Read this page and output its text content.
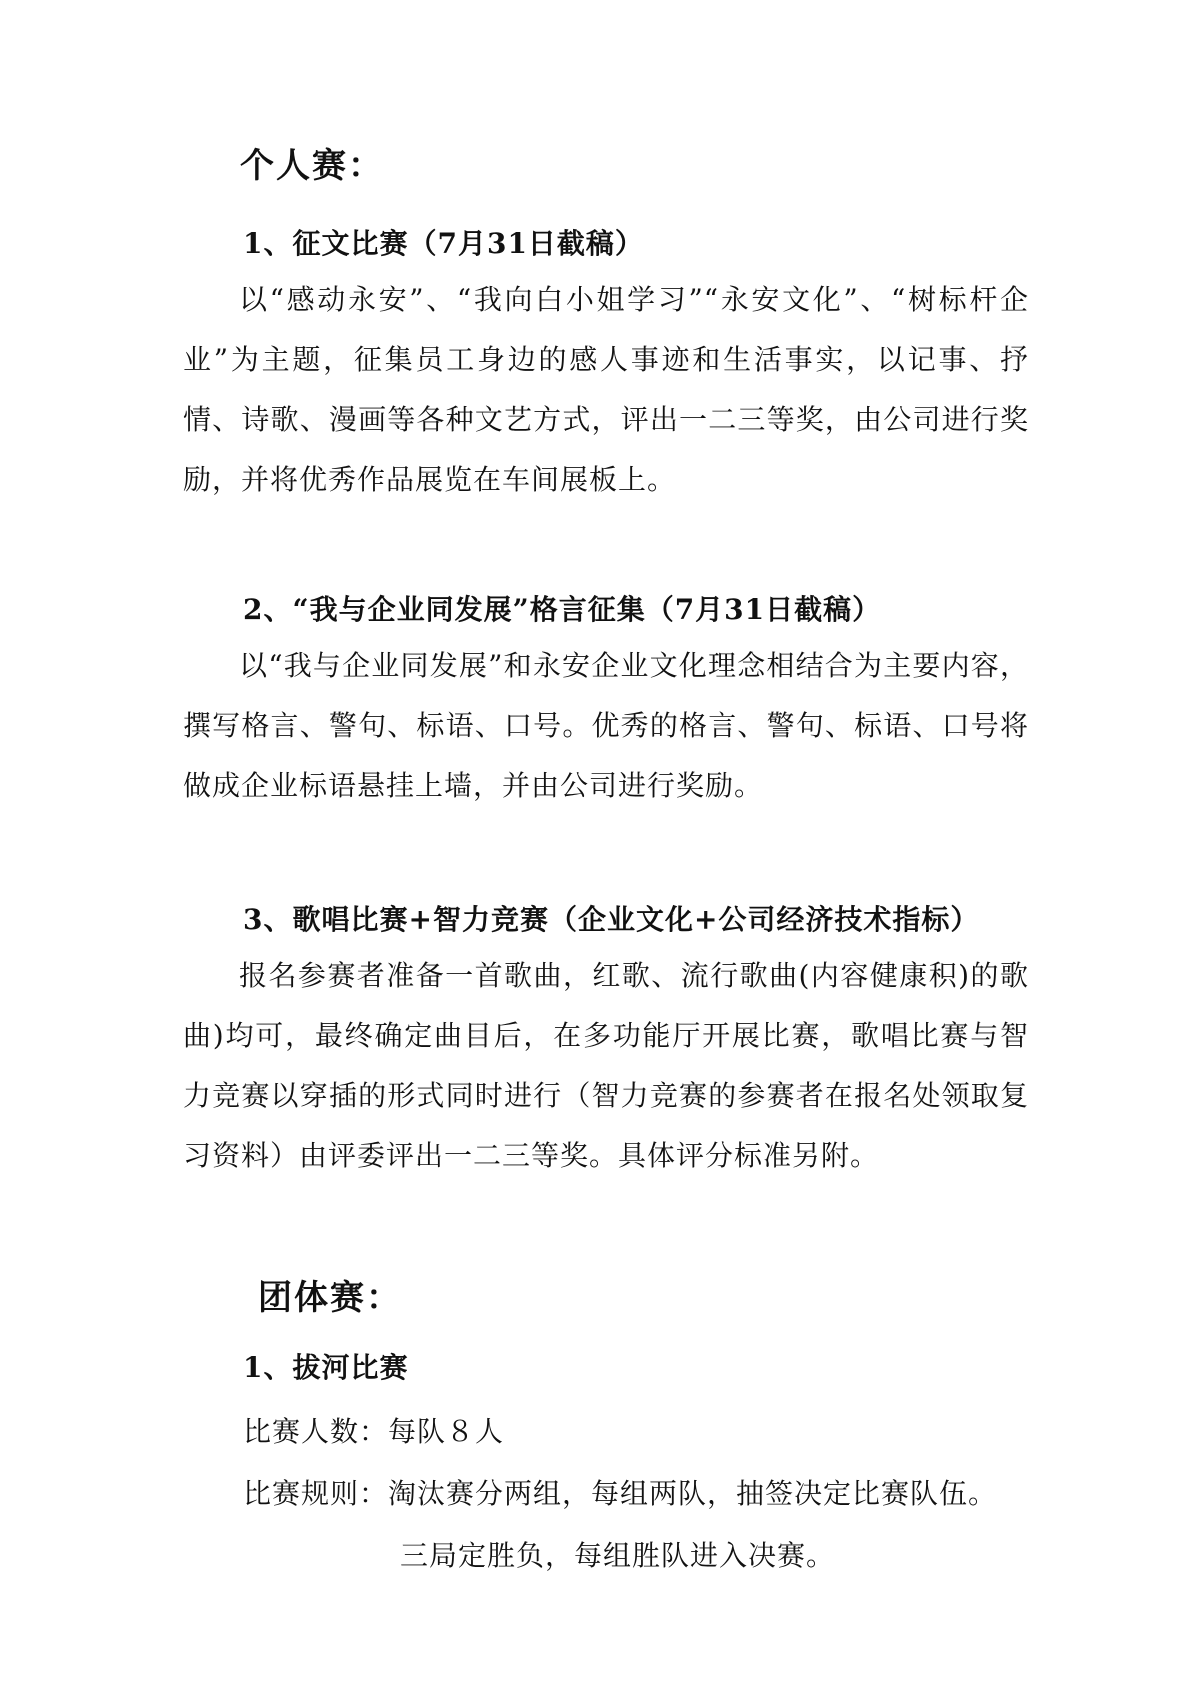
个人赛：
1、征文比赛（7月31日截稿）
以“感动永安”、“我向白小姐学习”“永安文化”、“树标杆企业”为主题，征集员工身边的感人事迹和生活事实，以记事、抒情、诗歌、漫画等各种文艺方式，评出一二三等奖，由公司进行奖励，并将优秀作品展览在车间展板上。
2、“我与企业同发展”格言征集（7月31日截稿）
以“我与企业同发展”和永安企业文化理念相结合为主要内容，撰写格言、警句、标语、口号。优秀的格言、警句、标语、口号将做成企业标语悬挂上墙，并由公司进行奖励。
3、歌唱比赛+智力竞赛（企业文化+公司经济技术指标）
报名参赛者准备一首歌曲，红歌、流行歌曲(内容健康积)的歌曲)均可，最终确定曲目后，在多功能厅开展比赛，歌唱比赛与智力竞赛以穿插的形式同时进行（智力竞赛的参赛者在报名处领取复习资料）由评委评出一二三等奖。具体评分标准另附。
团体赛：
1、拔河比赛
比赛人数：每队８人
比赛规则：淘汰赛分两组，每组两队，抽签决定比赛队伍。
三局定胜负，每组胜队进入决赛。
